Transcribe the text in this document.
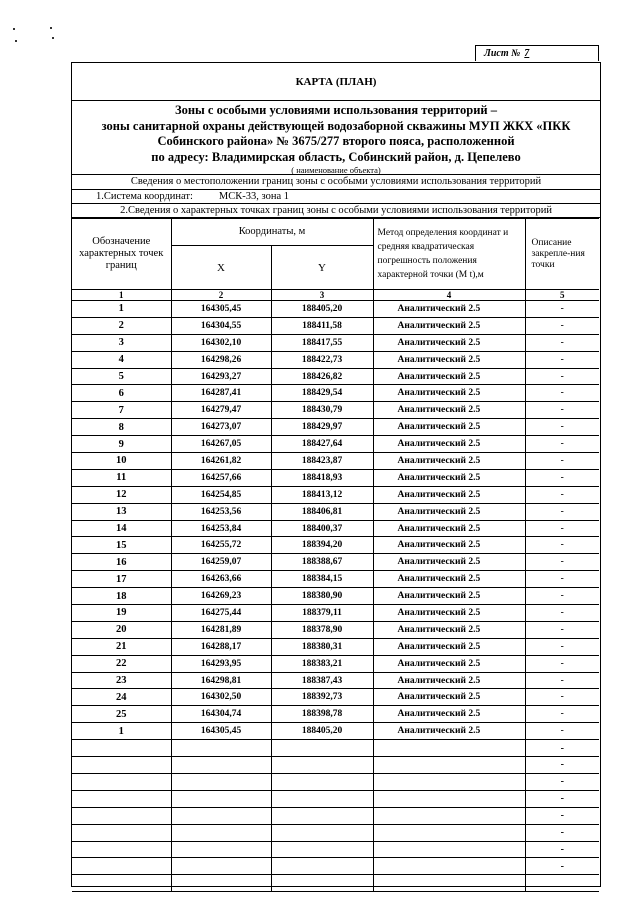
Лист № 7
КАРТА (ПЛАН)
Зоны с особыми условиями использования территорий –
зоны санитарной охраны действующей водозаборной скважины МУП ЖКХ «ПКК
Собинского района» № 3675/277 второго пояса, расположенной
по адресу: Владимирская область, Собинский район, д. Цепелево
( наименование объекта)
Сведения о местоположении границ зоны с особыми условиями использования территорий
1.Система координат: МСК-33, зона 1
2.Сведения о характерных точках границ зоны с особыми условиями использования территорий
Обозначение характерных точек границ	Координаты, м		Метод определения координат и средняя квадратическая погрешность положения характерной точки (М t),м	Описание закрепле-ния точки
	X	Y		
1	2	3	4	5
1	164305,45	188405,20	Аналитический 2.5	-
2	164304,55	188411,58	Аналитический 2.5	-
3	164302,10	188417,55	Аналитический 2.5	-
4	164298,26	188422,73	Аналитический 2.5	-
5	164293,27	188426,82	Аналитический 2.5	-
6	164287,41	188429,54	Аналитический 2.5	-
7	164279,47	188430,79	Аналитический 2.5	-
8	164273,07	188429,97	Аналитический 2.5	-
9	164267,05	188427,64	Аналитический 2.5	-
10	164261,82	188423,87	Аналитический 2.5	-
11	164257,66	188418,93	Аналитический 2.5	-
12	164254,85	188413,12	Аналитический 2.5	-
13	164253,56	188406,81	Аналитический 2.5	-
14	164253,84	188400,37	Аналитический 2.5	-
15	164255,72	188394,20	Аналитический 2.5	-
16	164259,07	188388,67	Аналитический 2.5	-
17	164263,66	188384,15	Аналитический 2.5	-
18	164269,23	188380,90	Аналитический 2.5	-
19	164275,44	188379,11	Аналитический 2.5	-
20	164281,89	188378,90	Аналитический 2.5	-
21	164288,17	188380,31	Аналитический 2.5	-
22	164293,95	188383,21	Аналитический 2.5	-
23	164298,81	188387,43	Аналитический 2.5	-
24	164302,50	188392,73	Аналитический 2.5	-
25	164304,74	188398,78	Аналитический 2.5	-
1	164305,45	188405,20	Аналитический 2.5	-
				-
				-
				-
				-
				-
				-
				-
				-
